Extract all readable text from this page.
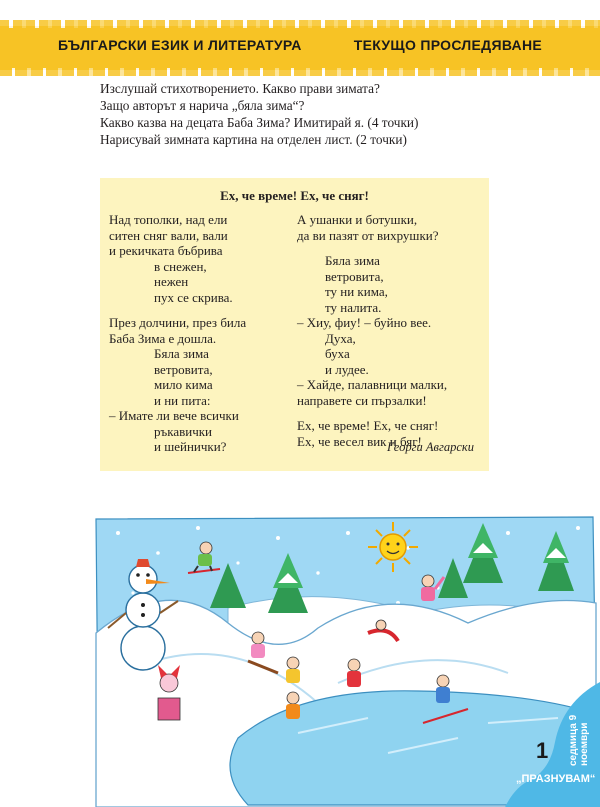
БЪЛГАРСКИ ЕЗИК И ЛИТЕРАТУРА	ТЕКУЩО ПРОСЛЕДЯВАНЕ
Изслушай стихотворението. Какво прави зимата?
Защо авторът я нарича „бяла зима“?
Какво казва на децата Баба Зима? Имитирай я. (4 точки)
Нарисувай зимната картина на отделен лист. (2 точки)
Ех, че време! Ех, че сняг!
Над тополки, над ели
ситен сняг вали, вали
и рекичката бъбрива
в снежен,
нежен
пух се скрива.
През долчини, през била
Баба Зима е дошла.
Бяла зима
ветровита,
мило кима
и ни пита:
– Имате ли вече всички
ръкавички
и шейнички?
А ушанки и ботушки,
да ви пазят от вихрушки?
Бяла зима
ветровита,
ту ни кима,
ту налита.
– Хиу, фиу! – буйно вее.
Духа,
буха
и лудее.
– Хайде, палавници малки,
направете си пързалки!
Ех, че време! Ех, че сняг!
Ех, че весел вик и бяг!
Георги Авгарски
седмица 9 ноември
1
„ПРАЗНУВАМ“
